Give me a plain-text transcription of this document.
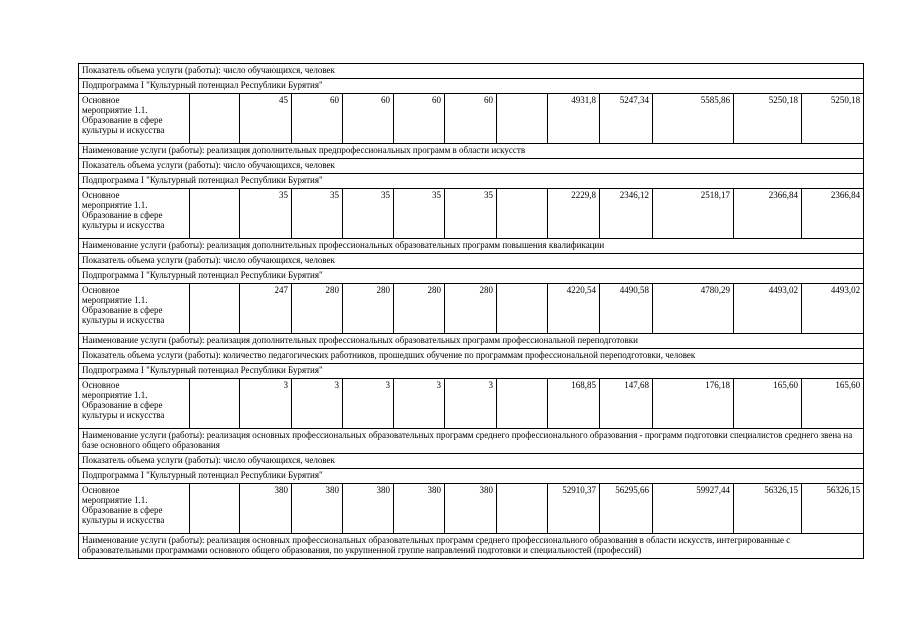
Показатель объема услуги (работы): число обучающихся, человек												
Подпрограмма I "Культурный потенциал Республики Бурятия"												
Основное
мероприятие 1.1.
Образование в сфере
культуры и искусства		45	60	60	60	60		4931,8	5247,34	5585,86	5250,18	5250,18
Наименование услуги (работы): реализация дополнительных предпрофессиональных программ в области искусств												
Показатель объема услуги (работы): число обучающихся, человек												
Подпрограмма I "Культурный потенциал Республики Бурятия"												
Основное
мероприятие 1.1.
Образование в сфере
культуры и искусства		35	35	35	35	35		2229,8	2346,12	2518,17	2366,84	2366,84
Наименование услуги (работы): реализация дополнительных профессиональных образовательных программ повышения квалификации												
Показатель объема услуги (работы): число обучающихся, человек												
Подпрограмма I "Культурный потенциал Республики Бурятия"												
Основное
мероприятие 1.1.
Образование в сфере
культуры и искусства		247	280	280	280	280		4220,54	4490,58	4780,29	4493,02	4493,02
Наименование услуги (работы): реализация дополнительных профессиональных образовательных программ профессиональной переподготовки												
Показатель объема услуги (работы): количество педагогических работников, прошедших обучение по программам профессиональной переподготовки, человек												
Подпрограмма I "Культурный потенциал Республики Бурятия"												
Основное
мероприятие 1.1.
Образование в сфере
культуры и искусства		3	3	3	3	3		168,85	147,68	176,18	165,60	165,60
Наименование услуги (работы): реализация основных профессиональных образовательных программ среднего профессионального образования - программ подготовки специалистов среднего звена на базе основного общего образования												
Показатель объема услуги (работы): число обучающихся, человек												
Подпрограмма I "Культурный потенциал Республики Бурятия"												
Основное
мероприятие 1.1.
Образование в сфере
культуры и искусства		380	380	380	380	380		52910,37	56295,66	59927,44	56326,15	56326,15
Наименование услуги (работы): реализация основных профессиональных образовательных программ среднего профессионального образования в области искусств, интегрированные с образовательными программами основного общего образования, по укрупненной группе направлений подготовки и специальностей (профессий)												
